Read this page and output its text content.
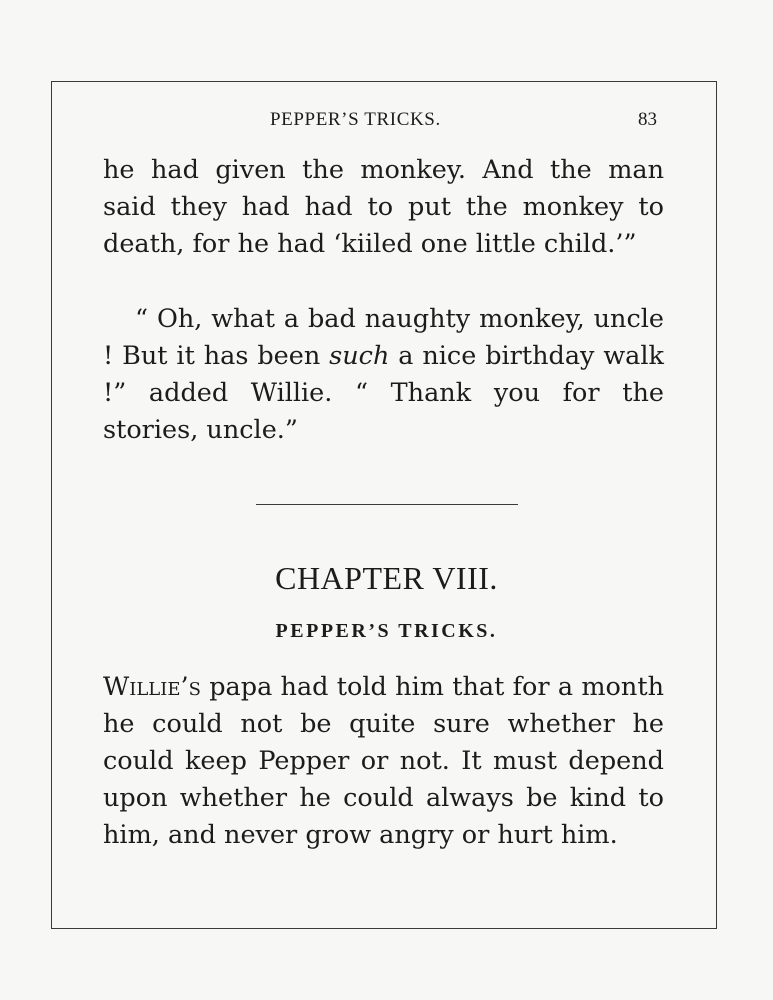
PEPPER’S TRICKS.	83

he had given the monkey. And the man said they had had to put the monkey to death, for he had ‘kiiled one little child.’”

“ Oh, what a bad naughty monkey, uncle ! But it has been such a nice birthday walk !” added Willie. “ Thank you for the stories, uncle.”

CHAPTER VIII.
PEPPER’S TRICKS.

Willie’s papa had told him that for a month he could not be quite sure whether he could keep Pepper or not. It must depend upon whether he could always be kind to him, and never grow angry or hurt him.
